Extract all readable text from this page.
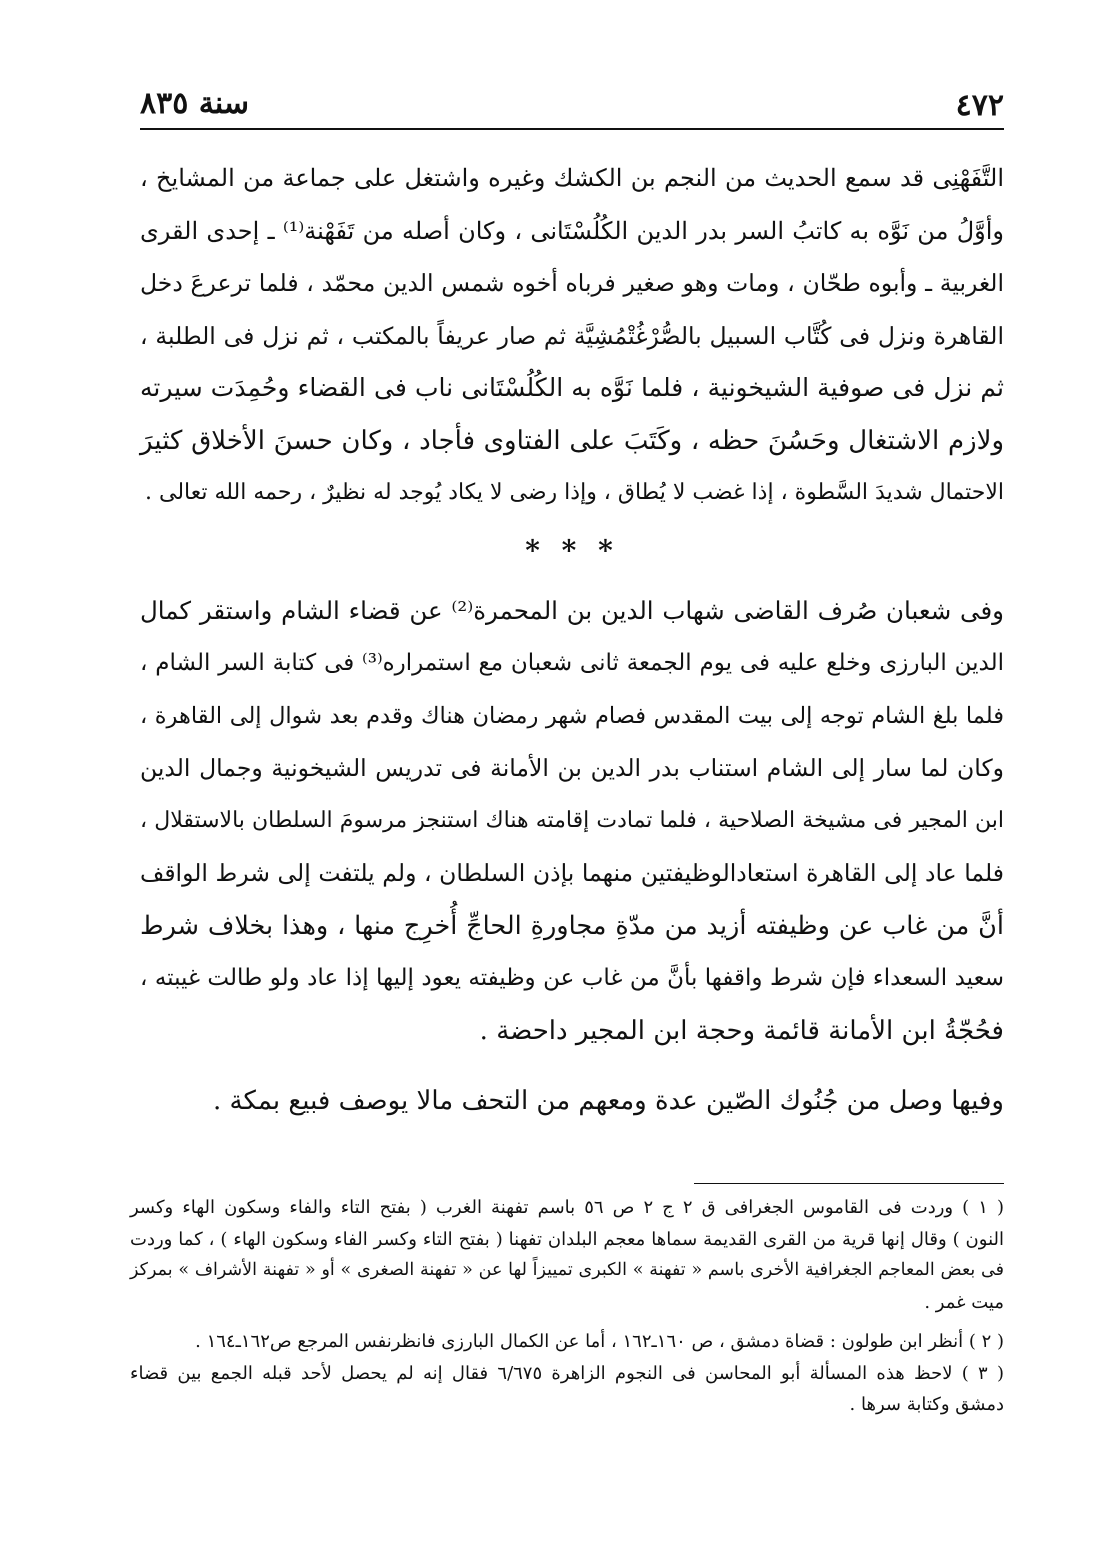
٤٧٢
سنة ٨٣٥
التَّفَهْنِى قد سمع الحديث من النجم بن الكشك وغيره واشتغل على جماعة من المشايخ ،
وأوَّلُ من نَوَّه به كاتبُ السر بدر الدين الكُلُسْتَانى ، وكان أصله من تَفَهْنة⁽¹⁾ ـ إحدى القرى
الغربية ـ وأبوه طحّان ، ومات وهو صغير فرباه أخوه شمس الدين محمّد ، فلما ترعرعَ دخل
القاهرة ونزل فى كُتَّاب السبيل بالصُّرْغُتْمُشِيَّة ثم صار عريفاً بالمكتب ، ثم نزل فى الطلبة ،
ثم نزل فى صوفية الشيخونية ، فلما نَوَّه به الكُلُسْتَانى ناب فى القضاء وحُمِدَت سيرته
ولازم الاشتغال وحَسُنَ حظه ، وكَتَبَ على الفتاوى فأجاد ، وكان حسنَ الأخلاق كثيرَ
الاحتمال شديدَ السَّطوة ، إذا غضب لا يُطاق ، وإذا رضى لا يكاد يُوجد له نظيرٌ ، رحمه الله تعالى .
* * *
وفى شعبان صُرف القاضى شهاب الدين بن المحمرة⁽²⁾ عن قضاء الشام واستقر كمال
الدين البارزى وخلع عليه فى يوم الجمعة ثانى شعبان مع استمراره⁽³⁾ فى كتابة السر الشام ،
فلما بلغ الشام توجه إلى بيت المقدس فصام شهر رمضان هناك وقدم بعد شوال إلى القاهرة ،
وكان لما سار إلى الشام استناب بدر الدين بن الأمانة فى تدريس الشيخونية وجمال الدين
ابن المجير فى مشيخة الصلاحية ، فلما تمادت إقامته هناك استنجز مرسومَ السلطان بالاستقلال ،
فلما عاد إلى القاهرة استعادالوظيفتين منهما بإذن السلطان ، ولم يلتفت إلى شرط الواقف
أنَّ من غاب عن وظيفته أزيد من مدّةِ مجاورةِ الحاجِّ أُخرِج منها ، وهذا بخلاف شرط
سعيد السعداء فإن شرط واقفها بأنَّ من غاب عن وظيفته يعود إليها إذا عاد ولو طالت غيبته ،
فحُجّةُ ابن الأمانة قائمة وحجة ابن المجير داحضة .
وفيها وصل من جُنُوك الصّين عدة ومعهم من التحف مالا يوصف فبيع بمكة .
( ١ ) وردت فى القاموس الجغرافى ق ٢ ج ٢ ص ٥٦ باسم تفهنة الغرب ( بفتح التاء والفاء وسكون الهاء وكسر
النون ) وقال إنها قرية من القرى القديمة سماها معجم البلدان تفهنا ( بفتح التاء وكسر الفاء وسكون الهاء ) ، كما وردت
فى بعض المعاجم الجغرافية الأخرى باسم « تفهنة » الكبرى تمييزاً لها عن « تفهنة الصغرى » أو « تفهنة الأشراف » بمركز
ميت غمر .
( ٢ ) أنظر ابن طولون : قضاة دمشق ، ص ١٦٠ـ١٦٢ ، أما عن الكمال البارزى فانظرنفس المرجع ص١٦٢ـ١٦٤ .
( ٣ ) لاحظ هذه المسألة أبو المحاسن فى النجوم الزاهرة ٦/٦٧٥ فقال إنه لم يحصل لأحد قبله الجمع بين قضاء
دمشق وكتابة سرها .
